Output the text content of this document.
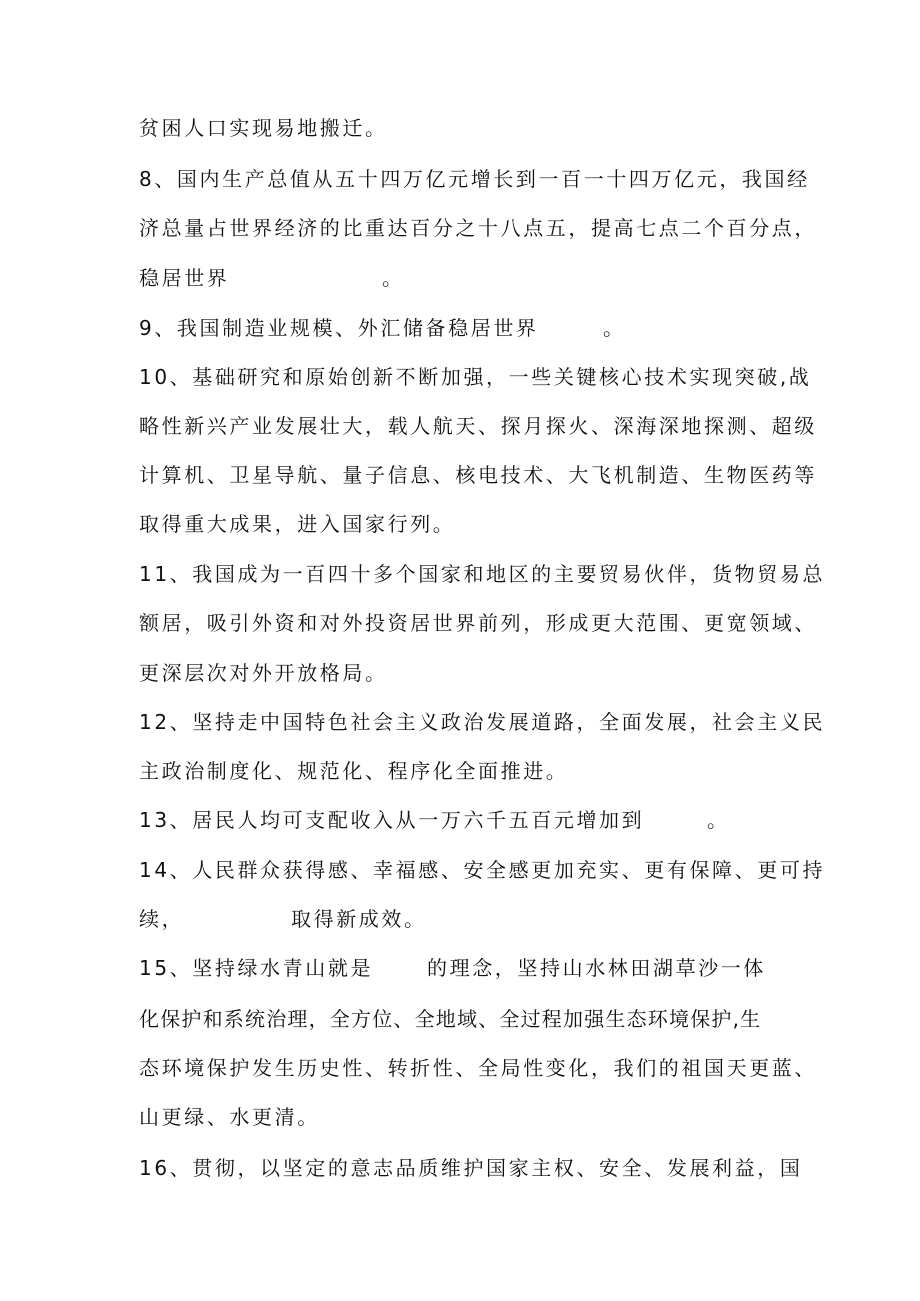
贫困人口实现易地搬迁。
8、国内生产总值从五十四万亿元增长到一百一十四万亿元，我国经
济总量占世界经济的比重达百分之十八点五，提高七点二个百分点，
稳居世界	。
9、我国制造业规模、外汇储备稳居世界	。
10、基础研究和原始创新不断加强，一些关键核心技术实现突破,战
略性新兴产业发展壮大，载人航天、探月探火、深海深地探测、超级
计算机、卫星导航、量子信息、核电技术、大飞机制造、生物医药等
取得重大成果，进入国家行列。
11、我国成为一百四十多个国家和地区的主要贸易伙伴，货物贸易总
额居，吸引外资和对外投资居世界前列，形成更大范围、更宽领域、
更深层次对外开放格局。
12、坚持走中国特色社会主义政治发展道路，全面发展，社会主义民
主政治制度化、规范化、程序化全面推进。
13、居民人均可支配收入从一万六千五百元增加到	。
14、人民群众获得感、幸福感、安全感更加充实、更有保障、更可持
续，	取得新成效。
15、坚持绿水青山就是	的理念，坚持山水林田湖草沙一体
化保护和系统治理，全方位、全地域、全过程加强生态环境保护,生
态环境保护发生历史性、转折性、全局性变化，我们的祖国天更蓝、
山更绿、水更清。
16、贯彻，以坚定的意志品质维护国家主权、安全、发展利益，国
